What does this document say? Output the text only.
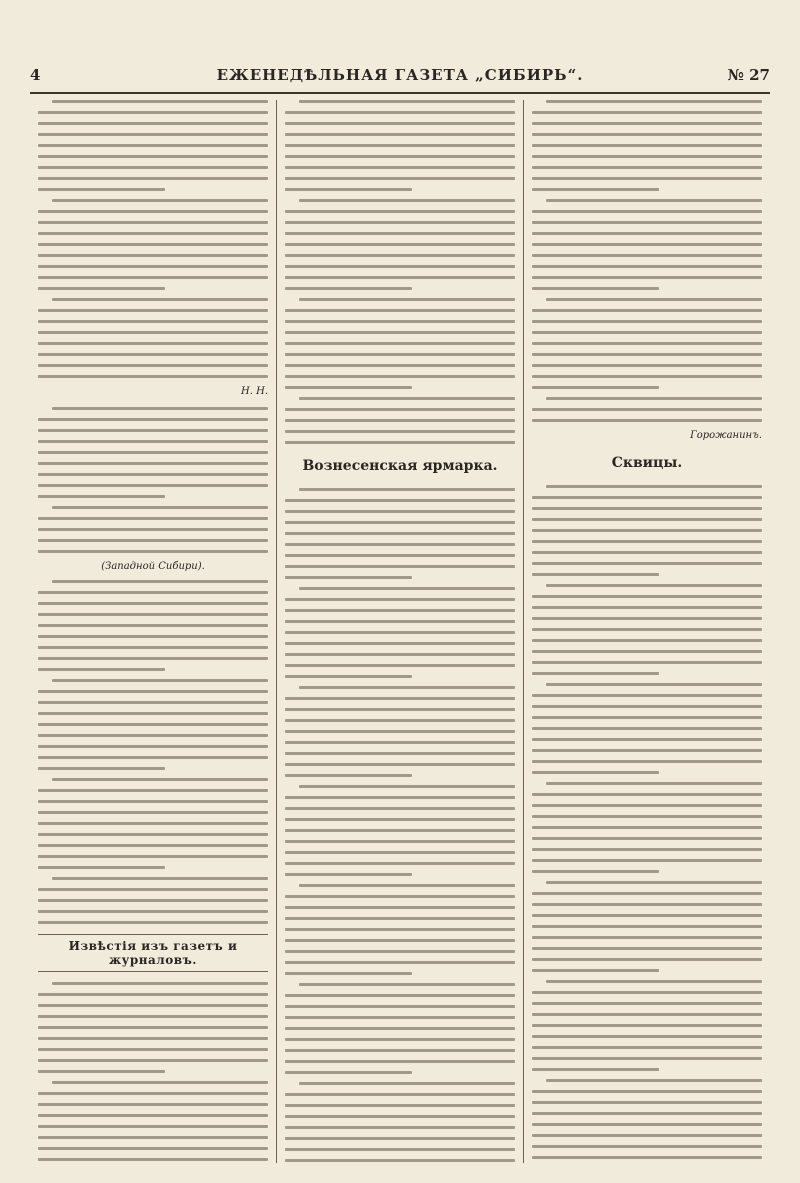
4	ЕЖЕНЕДѢЛЬНАЯ ГАЗЕТА „СИБИРЬ“.	№ 27
Н. Н.
(Западной Сибири).
Извѣстія изъ газетъ и журналовъ.
Вознесенская ярмарка.
Горожанинъ.
Сквицы.
